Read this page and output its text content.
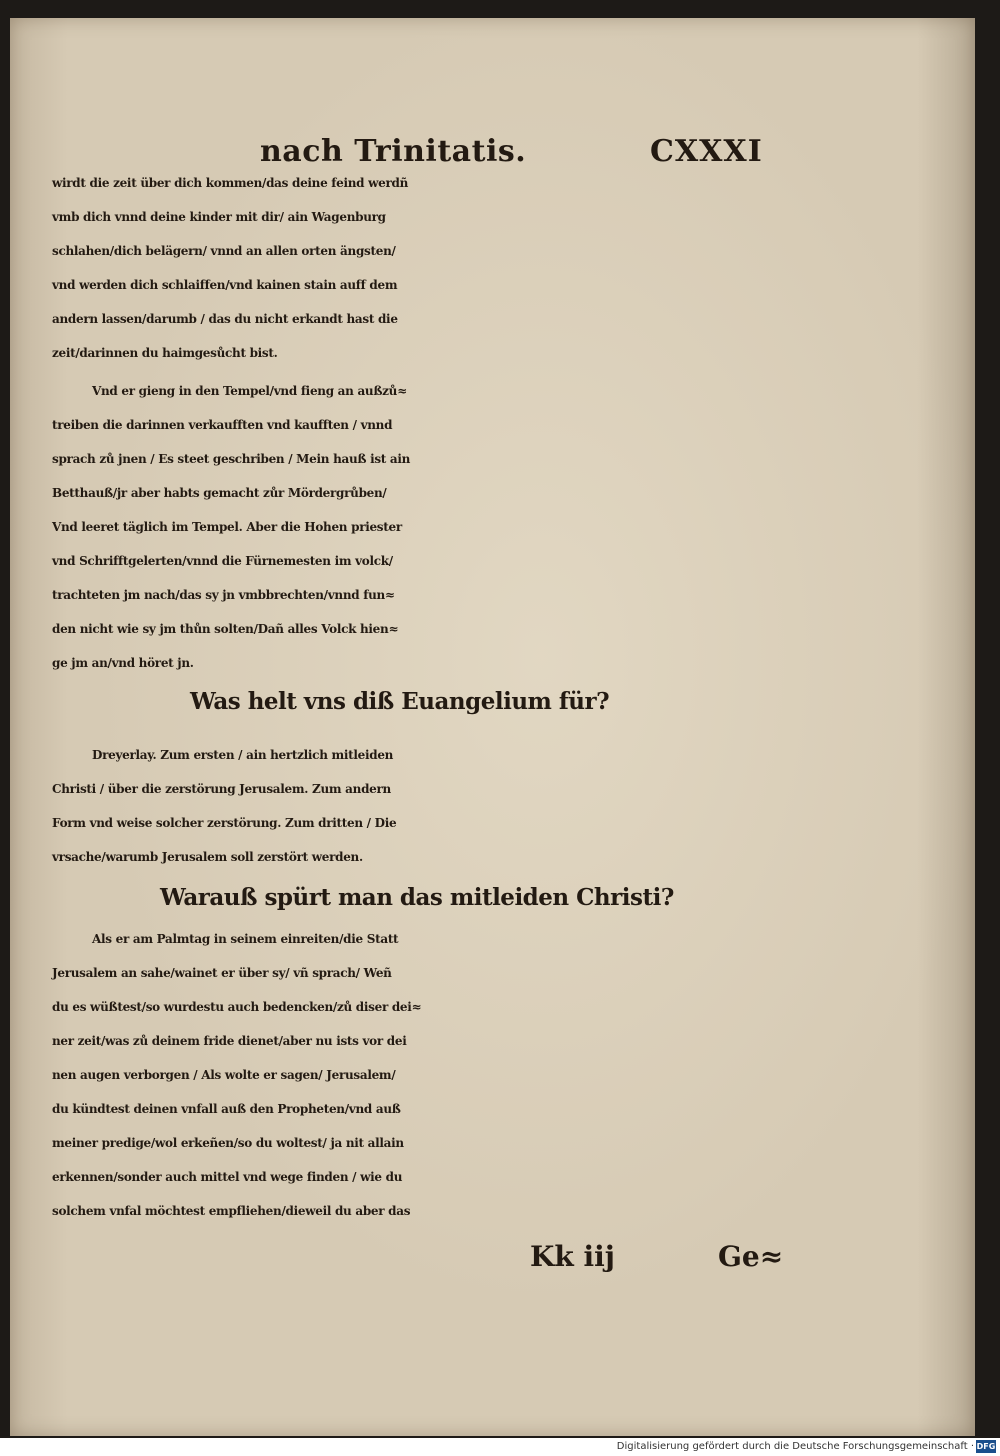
nach Trinitatis.	CXXXI
wirdt die zeit über dich kommen/das deine feind werdñ
vmb dich vnnd deine kinder mit dir/ ain Wagenburg
schlahen/dich belägern/ vnnd an allen orten ängsten/
vnd werden dich schlaiffen/vnd kainen stain auff dem
andern lassen/darumb / das du nicht erkandt hast die
zeit/darinnen du haimgesůcht bist.
Vnd er gieng in den Tempel/vnd fieng an außzů≈
treiben die darinnen verkaufften vnd kaufften / vnnd
sprach zů jnen / Es steet geschriben / Mein hauß ist ain
Betthauß/jr aber habts gemacht zůr Mördergrůben/
Vnd leeret täglich im Tempel. Aber die Hohen priester
vnd Schrifftgelerten/vnnd die Fürnemesten im volck/
trachteten jm nach/das sy jn vmbbrechten/vnnd fun≈
den nicht wie sy jm thůn solten/Dañ alles Volck hien≈
ge jm an/vnd höret jn.
Was helt vns diß Euangelium für?
Dreyerlay. Zum ersten / ain hertzlich mitleiden
Christi / über die zerstörung Jerusalem. Zum andern
Form vnd weise solcher zerstörung. Zum dritten / Die
vrsache/warumb Jerusalem soll zerstört werden.
Warauß spürt man das mitleiden Christi?
Als er am Palmtag in seinem einreiten/die Statt
Jerusalem an sahe/wainet er über sy/ vñ sprach/ Weñ
du es wüßtest/so wurdestu auch bedencken/zů diser dei≈
ner zeit/was zů deinem fride dienet/aber nu ists vor dei
nen augen verborgen / Als wolte er sagen/ Jerusalem/
du kündtest deinen vnfall auß den Propheten/vnd auß
meiner predige/wol erkeñen/so du woltest/ ja nit allain
erkennen/sonder auch mittel vnd wege finden / wie du
solchem vnfal möchtest empfliehen/dieweil du aber das
Kk iij	Ge≈
Digitalisierung gefördert durch die Deutsche Forschungsgemeinschaft · DFG
